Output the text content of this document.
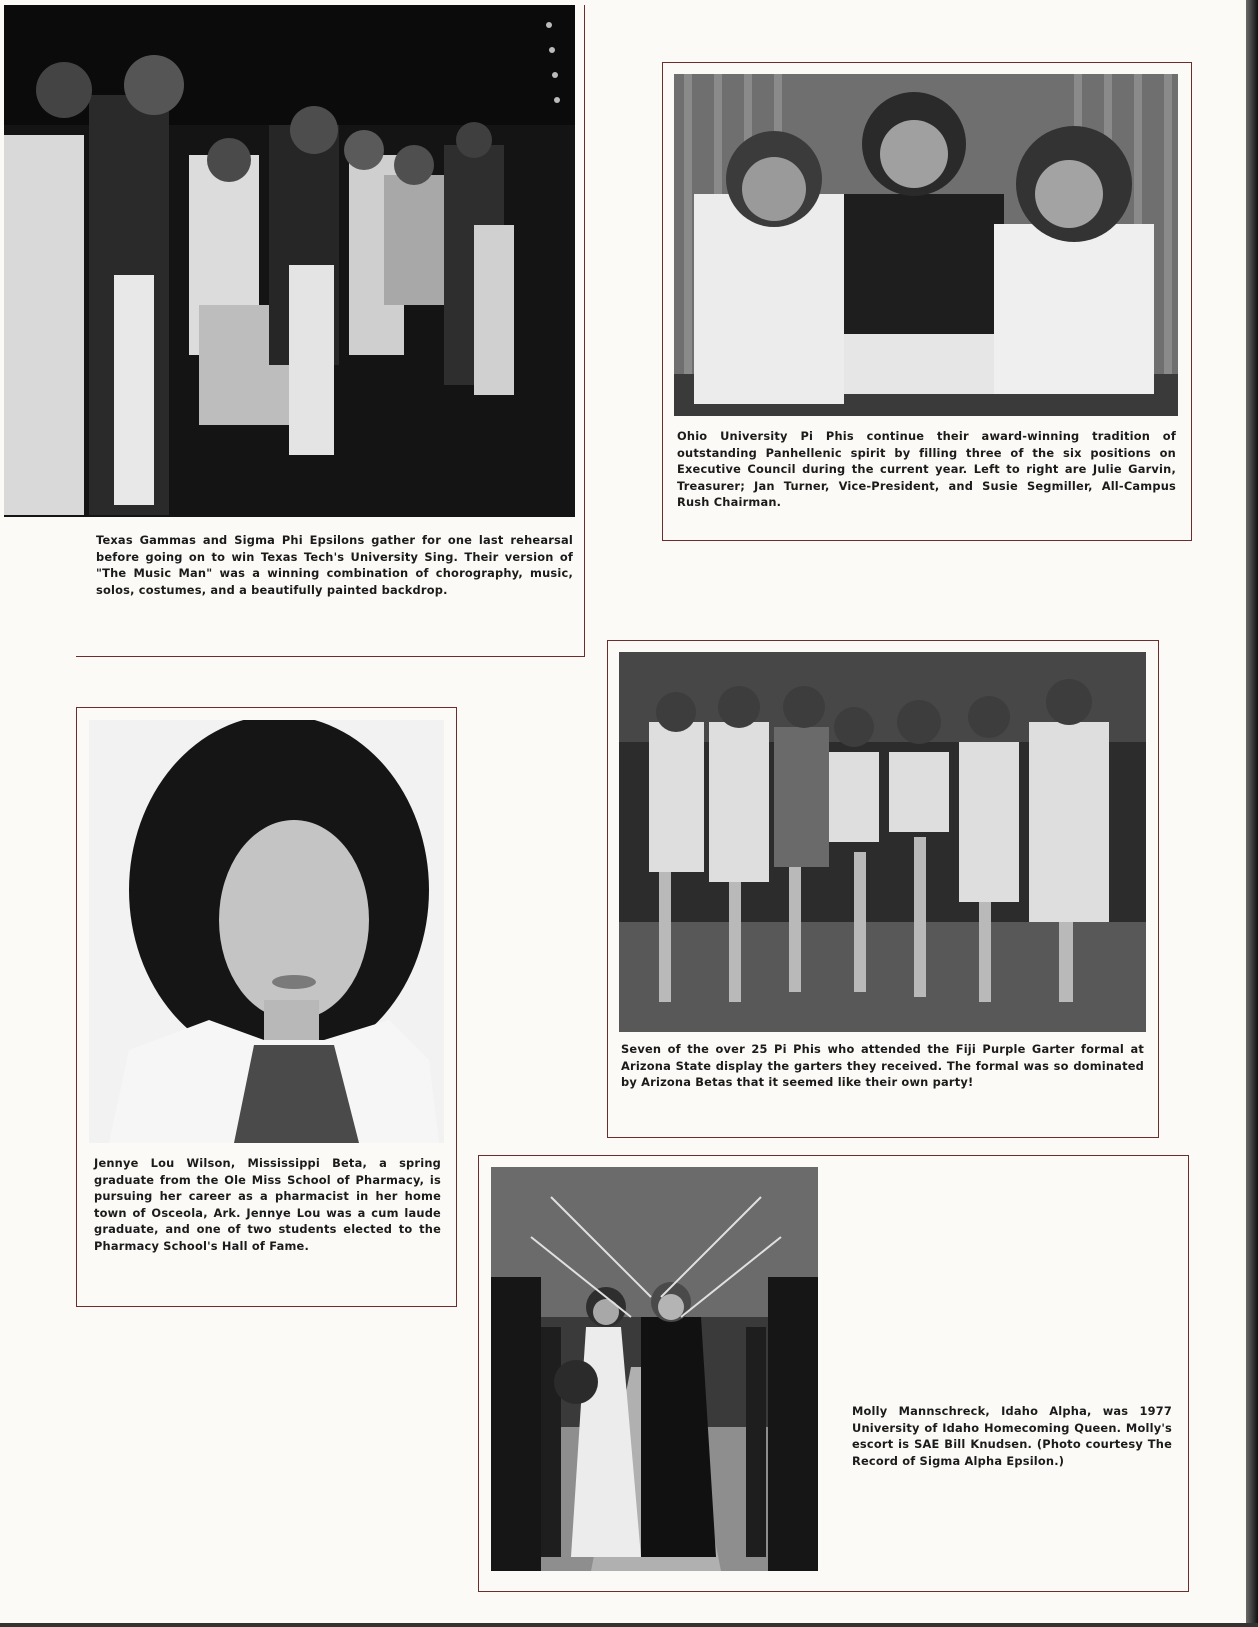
Texas Gammas and Sigma Phi Epsilons gather for one last rehearsal before going on to win Texas Tech's University Sing. Their version of "The Music Man" was a winning combination of chorography, music, solos, costumes, and a beautifully painted backdrop.

Ohio University Pi Phis continue their award-winning tradition of outstanding Panhellenic spirit by filling three of the six positions on Executive Council during the current year. Left to right are Julie Garvin, Treasurer; Jan Turner, Vice-President, and Susie Segmiller, All-Campus Rush Chairman.

Seven of the over 25 Pi Phis who attended the Fiji Purple Garter formal at Arizona State display the garters they received. The formal was so dominated by Arizona Betas that it seemed like their own party!

Jennye Lou Wilson, Mississippi Beta, a spring graduate from the Ole Miss School of Pharmacy, is pursuing her career as a pharmacist in her home town of Osceola, Ark. Jennye Lou was a cum laude graduate, and one of two students elected to the Pharmacy School's Hall of Fame.

Molly Mannschreck, Idaho Alpha, was 1977 University of Idaho Homecoming Queen. Molly's escort is SAE Bill Knudsen. (Photo courtesy The Record of Sigma Alpha Epsilon.)
